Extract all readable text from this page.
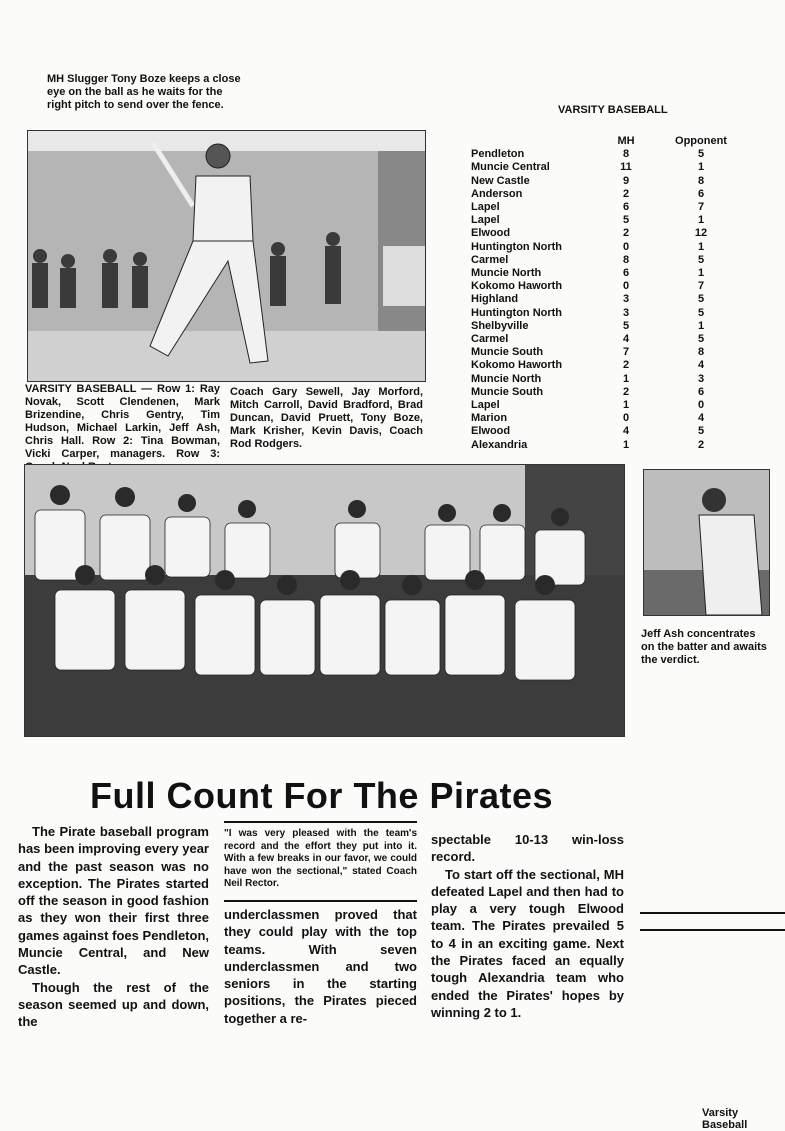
MH Slugger Tony Boze keeps a close eye on the ball as he waits for the right pitch to send over the fence.	VARSITY BASEBALL
	MH	Opponent
Pendleton	8	5
Muncie Central	11	1
New Castle	9	8
Anderson	2	6
Lapel	6	7
Lapel	5	1
Elwood	2	12
Huntington North	0	1
Carmel	8	5
Muncie North	6	1
Kokomo Haworth	0	7
Highland	3	5
Huntington North	3	5
Shelbyville	5	1
Carmel	4	5
Muncie South	7	8
Kokomo Haworth	2	4
Muncie North	1	3
Muncie South	2	6
Lapel	1	0
Marion	0	4
Elwood	4	5
Alexandria	1	2
VARSITY BASEBALL — Row 1: Ray Novak, Scott Clendenen, Mark Brizendine, Chris Gentry, Tim Hudson, Michael Larkin, Jeff Ash, Chris Hall. Row 2: Tina Bowman, Vicki Carper, managers. Row 3:
Coach Gary Sewell, Jay Morford, Mitch Carroll, David Bradford, Brad Duncan, David Pruett, Tony Boze, Mark Krisher, Kevin Davis, Coach Rod Rodgers.
Jeff Ash concentrates on the batter and awaits the verdict.
Full Count For The Pirates
The Pirate baseball program has been improving every year and the past season was no exception. The Pirates started off the season in good fashion as they won their first three games against foes Pendleton, Muncie Central, and New Castle.
Though the rest of the season seemed up and down, the
"I was very pleased with the team's record and the effort they put into it. With a few breaks in our favor, we could have won the sectional," stated Coach Neil Rector.
underclassmen proved that they could play with the top teams. With seven underclassmen and two seniors in the starting positions, the Pirates pieced together a re-
spectable 10-13 win-loss record.
To start off the sectional, MH defeated Lapel and then had to play a very tough Elwood team. The Pirates prevailed 5 to 4 in an exciting game. Next the Pirates faced an equally tough Alexandria team who ended the Pirates' hopes by winning 2 to 1.
Varsity Baseball
